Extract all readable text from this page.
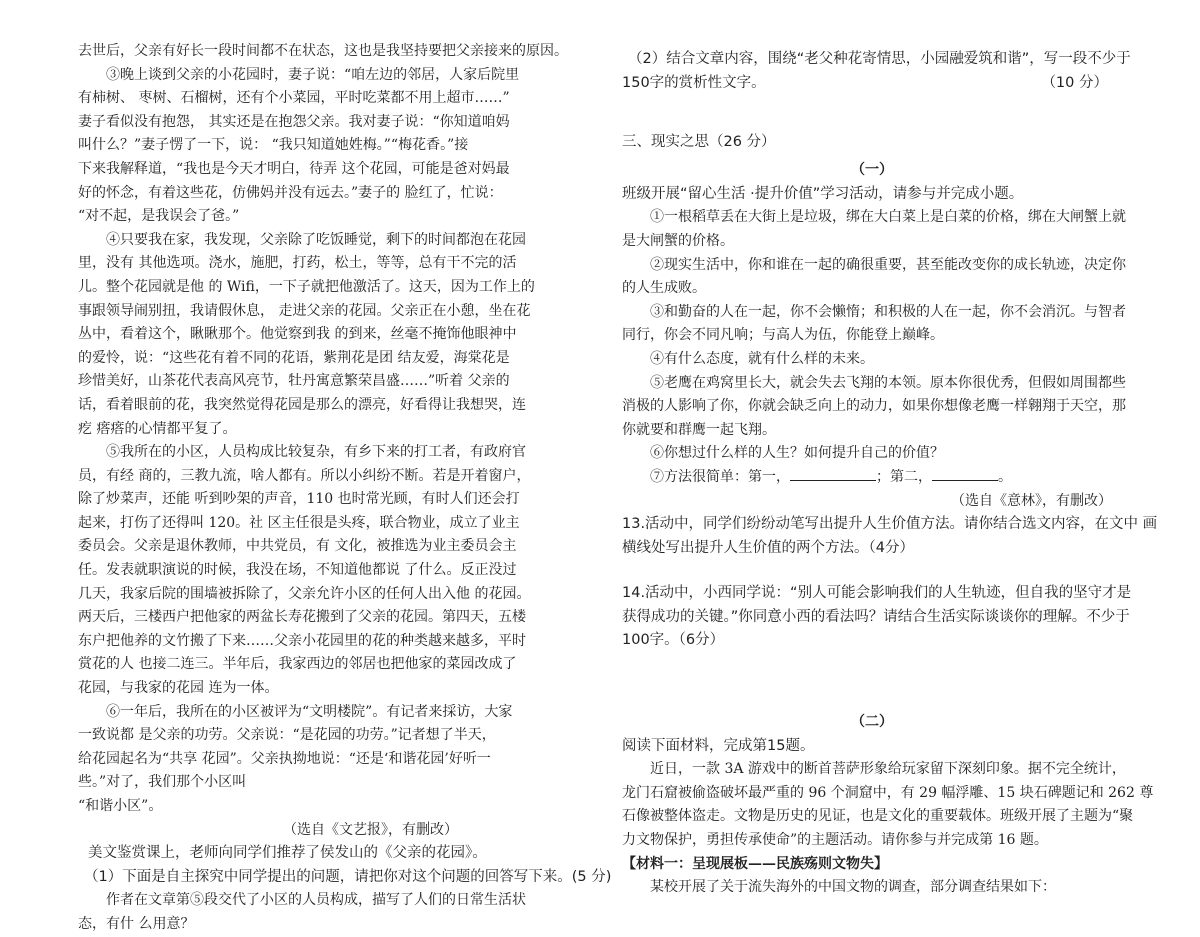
去世后，父亲有好长一段时间都不在状态，这也是我坚持要把父亲接来的原因。
③晚上谈到父亲的小花园时，妻子说：“咱左边的邻居，人家后院里
有柿树、 枣树、石榴树，还有个小菜园，平时吃菜都不用上超市……”
妻子看似没有抱怨， 其实还是在抱怨父亲。我对妻子说：“你知道咱妈
叫什么？”妻子愣了一下，说： “我只知道她姓梅。”“梅花香。”接
下来我解释道，“我也是今天才明白，待弄 这个花园，可能是爸对妈最
好的怀念，有着这些花，仿佛妈并没有远去。”妻子的 脸红了，忙说：
“对不起，是我误会了爸。”
④只要我在家，我发现，父亲除了吃饭睡觉，剩下的时间都泡在花园
里，没有 其他选项。浇水，施肥，打药，松土，等等，总有干不完的活
儿。整个花园就是他 的 Wifi，一下子就把他激活了。这天，因为工作上的
事跟领导闹别扭，我请假休息， 走进父亲的花园。父亲正在小憩，坐在花
丛中，看着这个，瞅瞅那个。他觉察到我 的到来，丝毫不掩饰他眼神中
的爱怜，说：“这些花有着不同的花语，紫荆花是团 结友爱，海棠花是
珍惜美好，山茶花代表高风亮节，牡丹寓意繁荣昌盛……”听着 父亲的
话，看着眼前的花，我突然觉得花园是那么的漂亮，好看得让我想哭，连
疙 瘩瘩的心情都平复了。
⑤我所在的小区，人员构成比较复杂，有乡下来的打工者，有政府官
员，有经 商的，三教九流，啥人都有。所以小纠纷不断。若是开着窗户，
除了炒菜声，还能 听到吵架的声音，110 也时常光顾，有时人们还会打
起来，打伤了还得叫 120。社 区主任很是头疼，联合物业，成立了业主
委员会。父亲是退休教师，中共党员，有 文化，被推选为业主委员会主
任。发表就职演说的时候，我没在场，不知道他都说 了什么。反正没过
几天，我家后院的围墙被拆除了，父亲允许小区的任何人出入他 的花园。
两天后，三楼西户把他家的两盆长寿花搬到了父亲的花园。第四天，五楼
东户把他养的文竹搬了下来……父亲小花园里的花的种类越来越多，平时
赏花的人 也接二连三。半年后，我家西边的邻居也把他家的菜园改成了
花园，与我家的花园 连为一体。
⑥一年后，我所在的小区被评为“文明楼院”。有记者来採访，大家
一致说都 是父亲的功劳。父亲说：“是花园的功劳。”记者想了半天，
给花园起名为“共享 花园”。父亲执拗地说：“还是‘和谐花园’好听一
些。”对了，我们那个小区叫
“和谐小区”。
（选自《文艺报》，有删改）
美文鉴赏课上，老师向同学们推荐了侯发山的《父亲的花园》。
（1）下面是自主探究中同学提出的问题，请把你对这个问题的回答写下来。(5 分)
作者在文章第⑤段交代了小区的人员构成，描写了人们的日常生活状
态，有什 么用意？
（2）结合文章内容，围绕“老父种花寄情思，小园融爱筑和谐”，写一段不少于
150字的赏析性文字。	（10 分）
三、现实之思（26 分）
（一）
班级开展“留心生活 ·提升价值”学习活动，请参与并完成小题。
①一根稻草丢在大街上是垃圾，绑在大白菜上是白菜的价格，绑在大闸蟹上就
是大闸蟹的价格。
②现实生活中，你和谁在一起的确很重要，甚至能改变你的成长轨迹，决定你
的人生成败。
③和勤奋的人在一起，你不会懒惰；和积极的人在一起，你不会消沉。与智者
同行，你会不同凡响；与高人为伍，你能登上巅峰。
④有什么态度，就有什么样的未来。
⑤老鹰在鸡窝里长大，就会失去飞翔的本领。原本你很优秀，但假如周围都些
消极的人影响了你，你就会缺乏向上的动力，如果你想像老鹰一样翱翔于天空，那
你就要和群鹰一起飞翔。
⑥你想过什么样的人生？如何提升自己的价值？
⑦方法很简单：第一，	；第二，	。
（选自《意林》，有删改）
13.活动中，同学们纷纷动笔写出提升人生价值方法。请你结合选文内容，在文中 画
横线处写出提升人生价值的两个方法。（4分）
14.活动中，小西同学说：“别人可能会影响我们的人生轨迹，但自我的坚守才是
获得成功的关键。”你同意小西的看法吗？请结合生活实际谈谈你的理解。不少于
100字。（6分）
（二）
阅读下面材料，完成第15题。
近日，一款 3A 游戏中的断首菩萨形象给玩家留下深刻印象。据不完全统计，
龙门石窟被偷盗破坏最严重的 96 个洞窟中，有 29 幅浮雕、15 块石碑题记和 262 尊
石像被整体盗走。文物是历史的见证，也是文化的重要载体。班级开展了主题为“聚
力文物保护，勇担传承使命”的主题活动。请你参与并完成第 16 题。
【材料一：呈现展板——民族殇则文物失】
某校开展了关于流失海外的中国文物的调查，部分调查结果如下：
